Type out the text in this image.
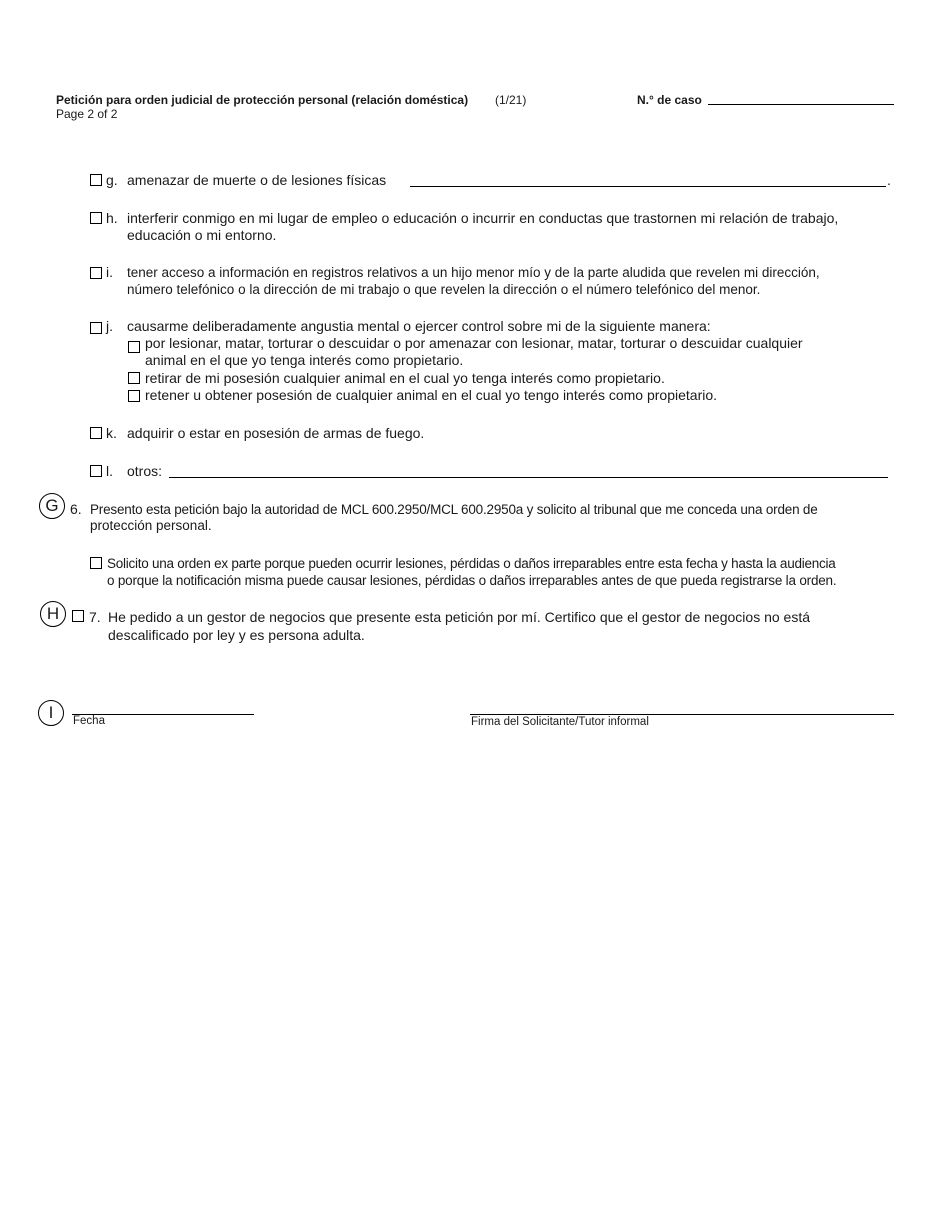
Petición para orden judicial de protección personal (relación doméstica) (1/21)
Page 2 of 2
N.° de caso
g. amenazar de muerte o de lesiones físicas	.
h. interferir conmigo en mi lugar de empleo o educación o incurrir en conductas que trastornen mi relación de trabajo,
educación o mi entorno.
i. tener acceso a información en registros relativos a un hijo menor mío y de la parte aludida que revelen mi dirección,
número telefónico o la dirección de mi trabajo o que revelen la dirección o el número telefónico del menor.
j. causarme deliberadamente angustia mental o ejercer control sobre mi de la siguiente manera:
por lesionar, matar, torturar o descuidar o por amenazar con lesionar, matar, torturar o descuidar cualquier
animal en el que yo tenga interés como propietario.
retirar de mi posesión cualquier animal en el cual yo tenga interés como propietario.
retener u obtener posesión de cualquier animal en el cual yo tengo interés como propietario.
k. adquirir o estar en posesión de armas de fuego.
l. otros:
G 6. Presento esta petición bajo la autoridad de MCL 600.2950/MCL 600.2950a y solicito al tribunal que me conceda una orden de
protección personal.
Solicito una orden ex parte porque pueden ocurrir lesiones, pérdidas o daños irreparables entre esta fecha y hasta la audiencia
o porque la notificación misma puede causar lesiones, pérdidas o daños irreparables antes de que pueda registrarse la orden.
H	7. He pedido a un gestor de negocios que presente esta petición por mí. Certifico que el gestor de negocios no está
descalificado por ley y es persona adulta.
I	Fecha	Firma del Solicitante/Tutor informal
